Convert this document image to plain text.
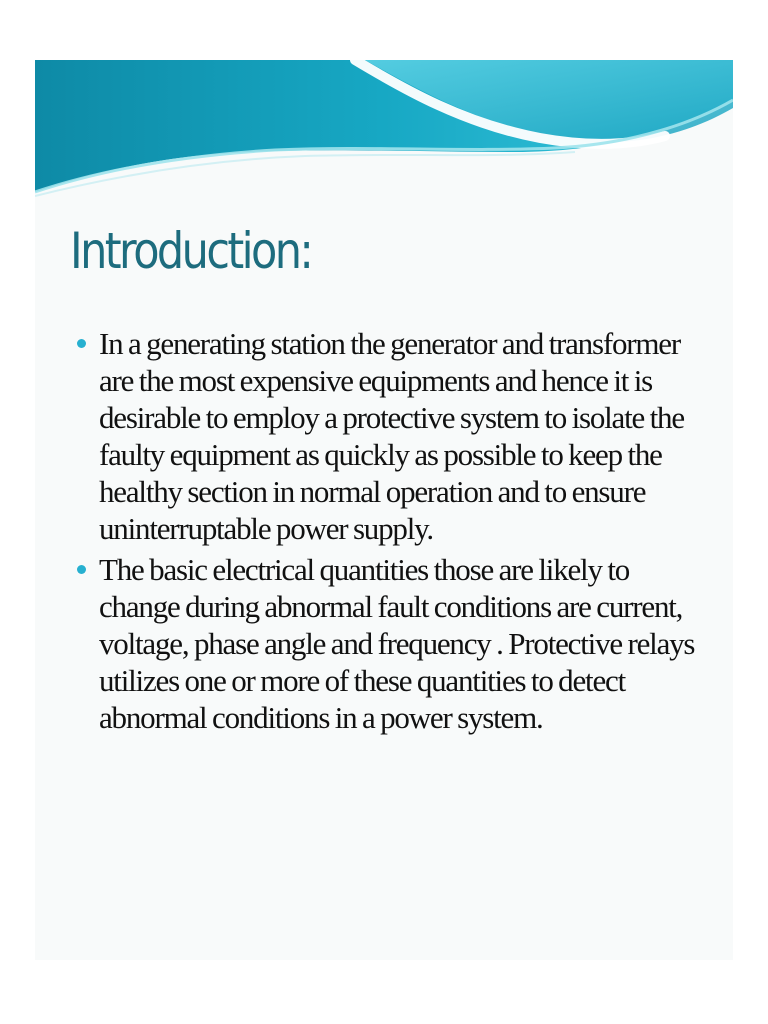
Introduction:
In a generating station the generator and transformer are the most expensive equipments and hence it is desirable to employ a protective system to isolate the faulty equipment as quickly as possible to keep the healthy section in normal operation and to ensure uninterruptable power supply.
The basic electrical quantities those are likely to change during abnormal fault conditions are current, voltage, phase angle and frequency . Protective relays utilizes one or more of these quantities to detect abnormal conditions in a power system.
